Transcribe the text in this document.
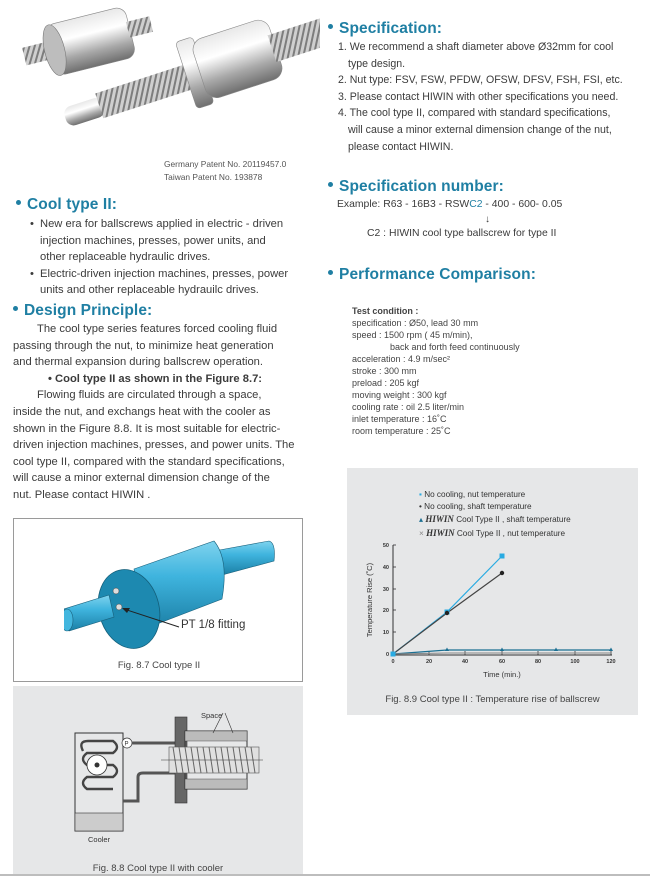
Germany Patent No. 20119457.0
Taiwan Patent No. 193878
Cool type II:
• New era for ballscrews applied in electric - driven
injection machines, presses, power units, and
other replaceable hydraulic drives.
• Electric-driven injection machines, presses, power
units and other replaceable hydrauilc drives.
Design Principle:
The cool type series features forced cooling fluid
passing through the nut, to minimize heat generation
and thermal expansion during ballscrew operation.
• Cool type II as shown in the Figure 8.7:
Flowing fluids are circulated through a space,
inside the nut, and exchangs heat with the cooler as
shown in the Figure 8.8. It is most suitable for electric-
driven injection machines, presses, and power units. The
cool type II, compared with the standard specifications,
will cause a minor external dimension change of the
nut. Please contact HIWIN .
PT 1/8 fitting
Fig. 8.7 Cool type II
P
Space
Cooler
Fig. 8.8 Cool type II with cooler
Specification:
1. We recommend a shaft diameter above Ø32mm for cool
type design.
2. Nut type: FSV, FSW, PFDW, OFSW, DFSV, FSH, FSI, etc.
3. Please contact HIWIN with other specifications you need.
4. The cool type II, compared with standard specifications,
will cause a minor external dimension change of the nut,
please contact HIWIN.
Specification number:
Example: R63 - 16B3 - RSWC2 - 400 - 600- 0.05
↓
C2 : HIWIN cool type ballscrew for type II
Performance Comparison:
Test condition :
specification : Ø50, lead 30 mm
speed : 1500 rpm ( 45 m/min),
back and forth feed continuously
acceleration : 4.9 m/sec²
stroke : 300 mm
preload : 205 kgf
moving weight : 300 kgf
cooling rate : oil 2.5 liter/min
inlet temperature : 16˚C
room temperature : 25˚C
▪ No cooling, nut temperature
• No cooling, shaft temperature
▴ HIWIN Cool Type II , shaft temperature
× HIWIN Cool Type II , nut temperature
50
40
30
20
10
0
0	20	40	60	80	100	120
Time (min.)
Temperature Rise (˚C)
Fig. 8.9 Cool type II : Temperature rise of ballscrew
